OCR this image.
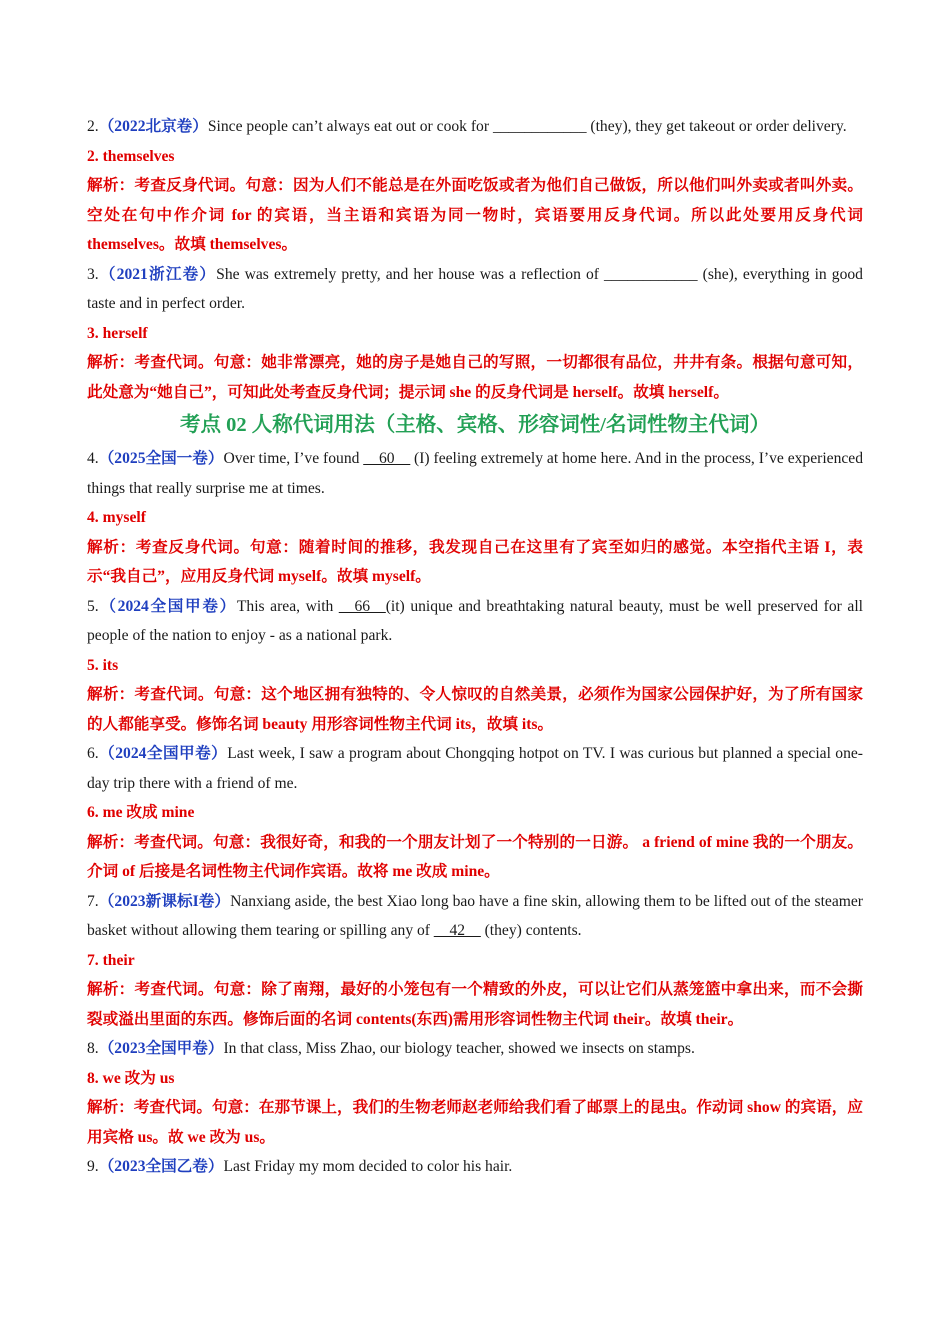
2.（2022北京卷）Since people can’t always eat out or cook for ____________ (they), they get takeout or order delivery.

2. themselves

解析：考查反身代词。句意：因为人们不能总是在外面吃饭或者为他们自己做饭，所以他们叫外卖或者叫外卖。空处在句中作介词 for 的宾语，当主语和宾语为同一物时，宾语要用反身代词。所以此处要用反身代词 themselves。故填 themselves。

3.（2021浙江卷）She was extremely pretty, and her house was a reflection of ____________ (she), everything in good taste and in perfect order.

3. herself

解析：考查代词。句意：她非常漂亮，她的房子是她自己的写照，一切都很有品位，井井有条。根据句意可知，此处意为“她自己”，可知此处考查反身代词；提示词 she 的反身代词是 herself。故填 herself。

考点 02 人称代词用法（主格、宾格、形容词性/名词性物主代词）

4.（2025全国一卷）Over time, I’ve found __60__ (I) feeling extremely at home here. And in the process, I’ve experienced things that really surprise me at times.

4. myself

解析：考查反身代词。句意：随着时间的推移，我发现自己在这里有了宾至如归的感觉。本空指代主语 I，表示“我自己”，应用反身代词 myself。故填 myself。

5.（2024全国甲卷）This area, with __66__(it) unique and breathtaking natural beauty, must be well preserved for all people of the nation to enjoy - as a national park.

5. its

解析：考查代词。句意：这个地区拥有独特的、令人惊叹的自然美景，必须作为国家公园保护好，为了所有国家的人都能享受。修饰名词 beauty 用形容词性物主代词 its，故填 its。

6.（2024全国甲卷）Last week, I saw a program about Chongqing hotpot on TV. I was curious but planned a special one-day trip there with a friend of me.

6. me 改成 mine

解析：考查代词。句意：我很好奇，和我的一个朋友计划了一个特别的一日游。 a friend of mine 我的一个朋友。介词 of 后接是名词性物主代词作宾语。故将 me 改成 mine。

7.（2023新课标I卷）Nanxiang aside, the best Xiao long bao have a fine skin, allowing them to be lifted out of the steamer basket without allowing them tearing or spilling any of __42__ (they) contents.

7. their

解析：考查代词。句意：除了南翔，最好的小笼包有一个精致的外皮，可以让它们从蒸笼篮中拿出来，而不会撕裂或溢出里面的东西。修饰后面的名词 contents(东西)需用形容词性物主代词 their。故填 their。

8.（2023全国甲卷）In that class, Miss Zhao, our biology teacher, showed we insects on stamps.

8. we 改为 us

解析：考查代词。句意：在那节课上，我们的生物老师赵老师给我们看了邮票上的昆虫。作动词 show 的宾语，应用宾格 us。故 we 改为 us。

9.（2023全国乙卷）Last Friday my mom decided to color his hair.
